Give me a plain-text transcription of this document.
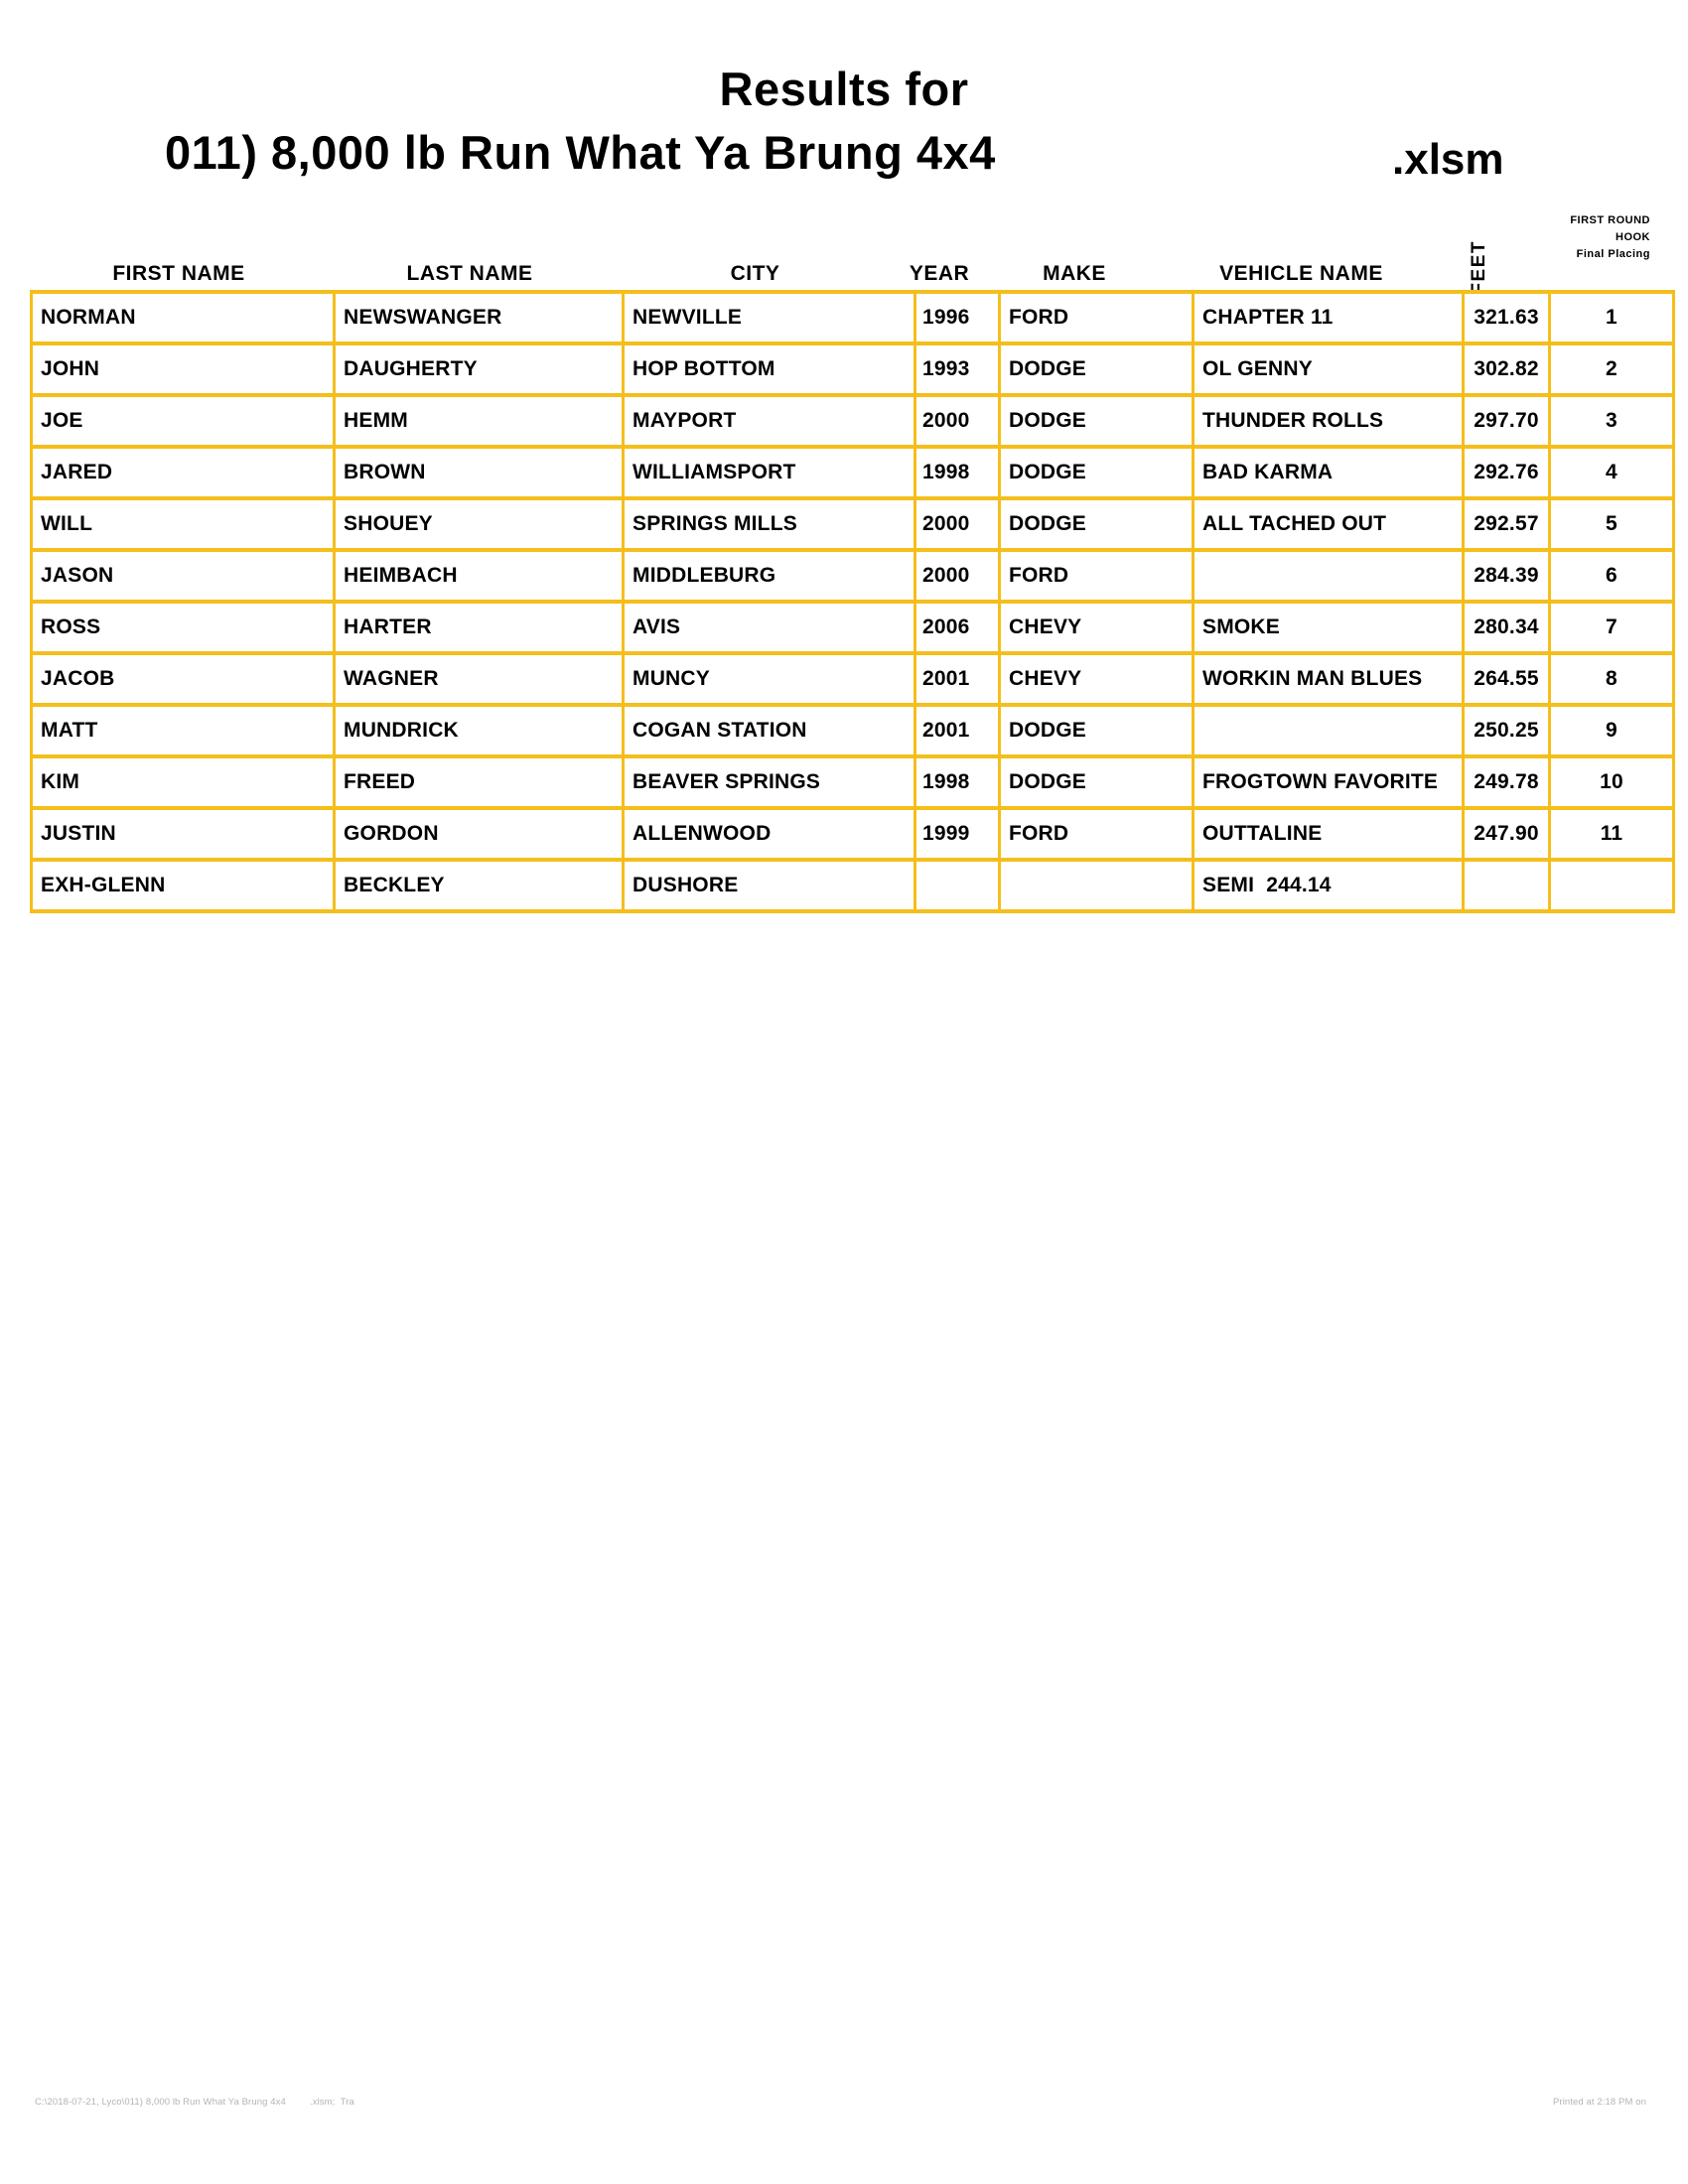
Results for
011) 8,000 lb Run What Ya Brung 4x4	.xlsm
FIRST NAME	LAST NAME	CITY	YEAR	MAKE	VEHICLE NAME	FEET
FIRST ROUND
HOOK
Final Placing
NORMAN	NEWSWANGER	NEWVILLE	1996	FORD	CHAPTER 11	321.63	1
JOHN	DAUGHERTY	HOP BOTTOM	1993	DODGE	OL GENNY	302.82	2
JOE	HEMM	MAYPORT	2000	DODGE	THUNDER ROLLS	297.70	3
JARED	BROWN	WILLIAMSPORT	1998	DODGE	BAD KARMA	292.76	4
WILL	SHOUEY	SPRINGS MILLS	2000	DODGE	ALL TACHED OUT	292.57	5
JASON	HEIMBACH	MIDDLEBURG	2000	FORD		284.39	6
ROSS	HARTER	AVIS	2006	CHEVY	SMOKE	280.34	7
JACOB	WAGNER	MUNCY	2001	CHEVY	WORKIN MAN BLUES	264.55	8
MATT	MUNDRICK	COGAN STATION	2001	DODGE		250.25	9
KIM	FREED	BEAVER SPRINGS	1998	DODGE	FROGTOWN FAVORITE	249.78	10
JUSTIN	GORDON	ALLENWOOD	1999	FORD	OUTTALINE	247.90	11
EXH-GLENN	BECKLEY	DUSHORE			SEMI  244.14		
C:\2018-07-21, Lyco\011) 8,000 lb Run What Ya Brung 4x4	.xlsm;  Tra	Printed at 2:18 PM on
